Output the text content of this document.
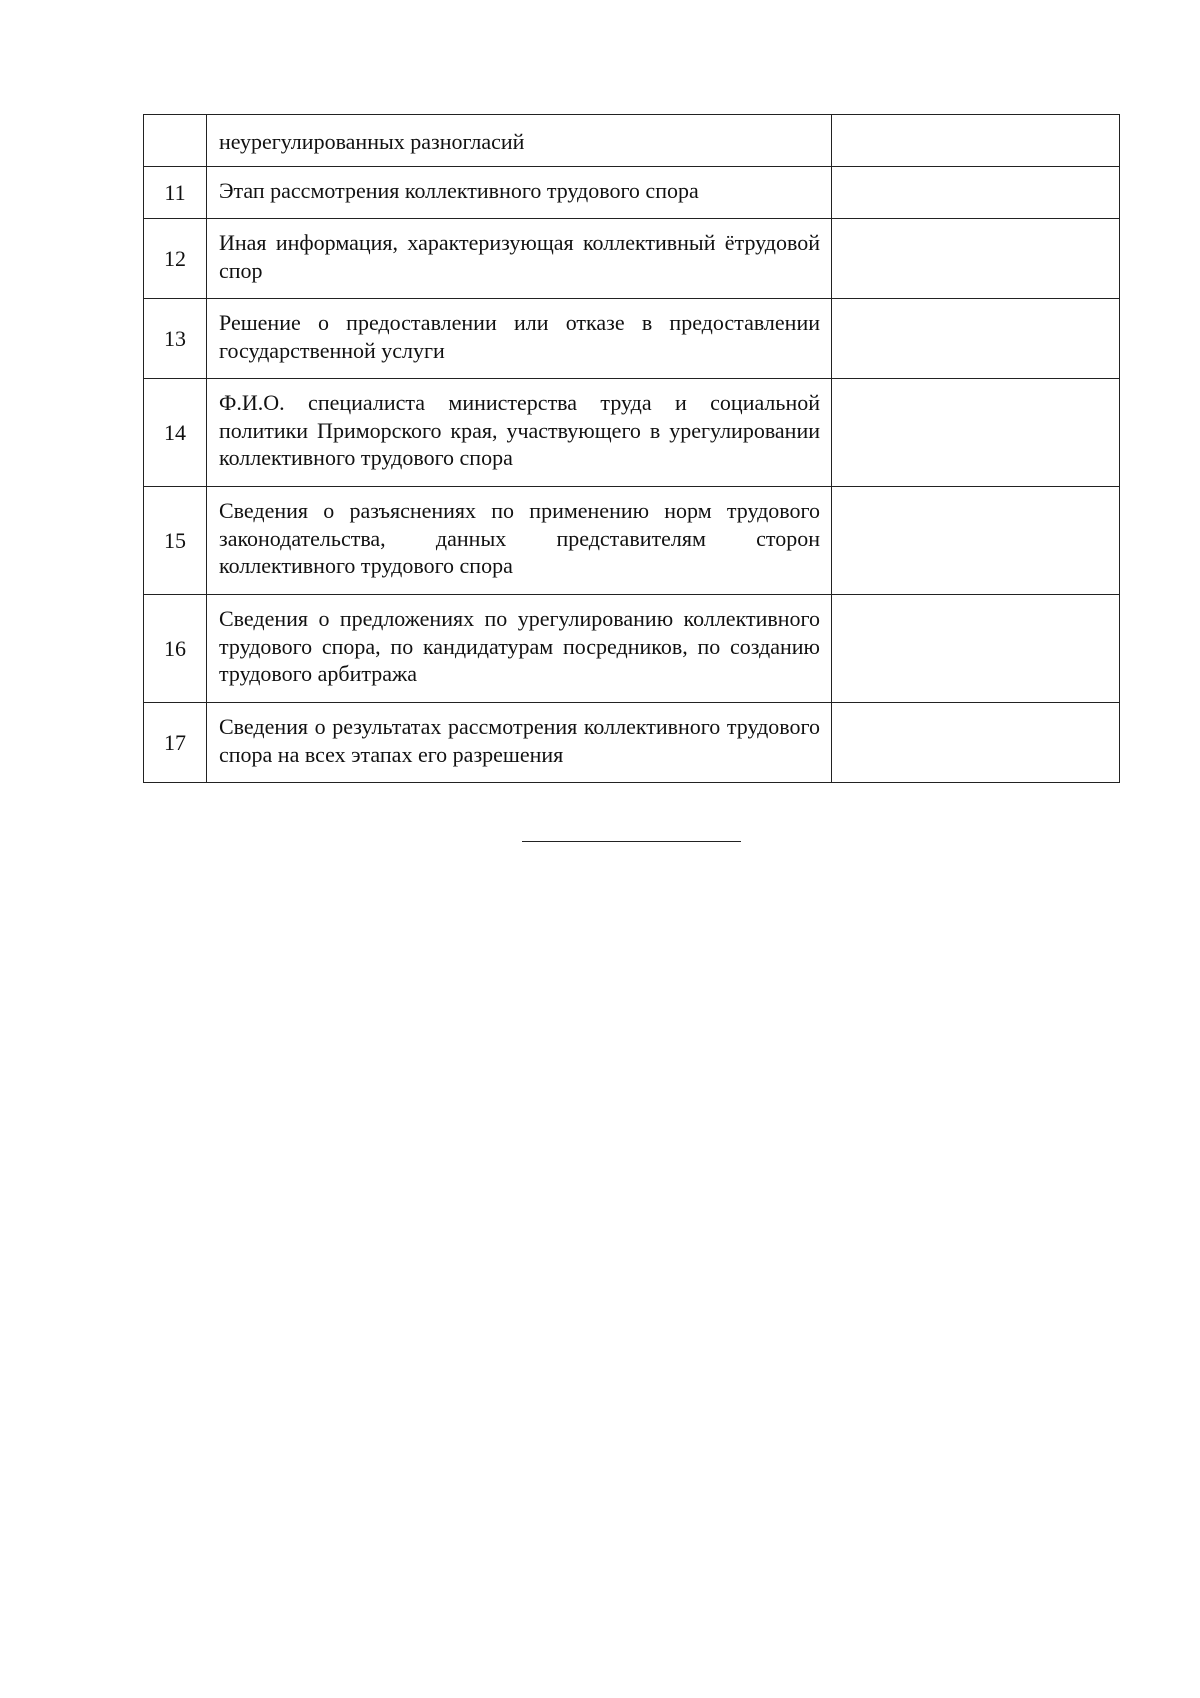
	неурегулированных разногласий	
11	Этап рассмотрения коллективного трудового спора	
12	Иная информация, характеризующая коллективный ётрудовой спор	
13	Решение о предоставлении или отказе в предоставлении государственной услуги	
14	Ф.И.О. специалиста министерства труда и социальной политики Приморского края, участвующего в урегулировании коллективного трудового спора	
15	Сведения о разъяснениях по применению норм трудового законодательства, данных представителям сторон коллективного трудового спора	
16	Сведения о предложениях по урегулированию коллективного трудового спора, по кандидатурам посредников, по созданию трудового арбитража	
17	Сведения о результатах рассмотрения коллективного трудового спора на всех этапах его разрешения	
